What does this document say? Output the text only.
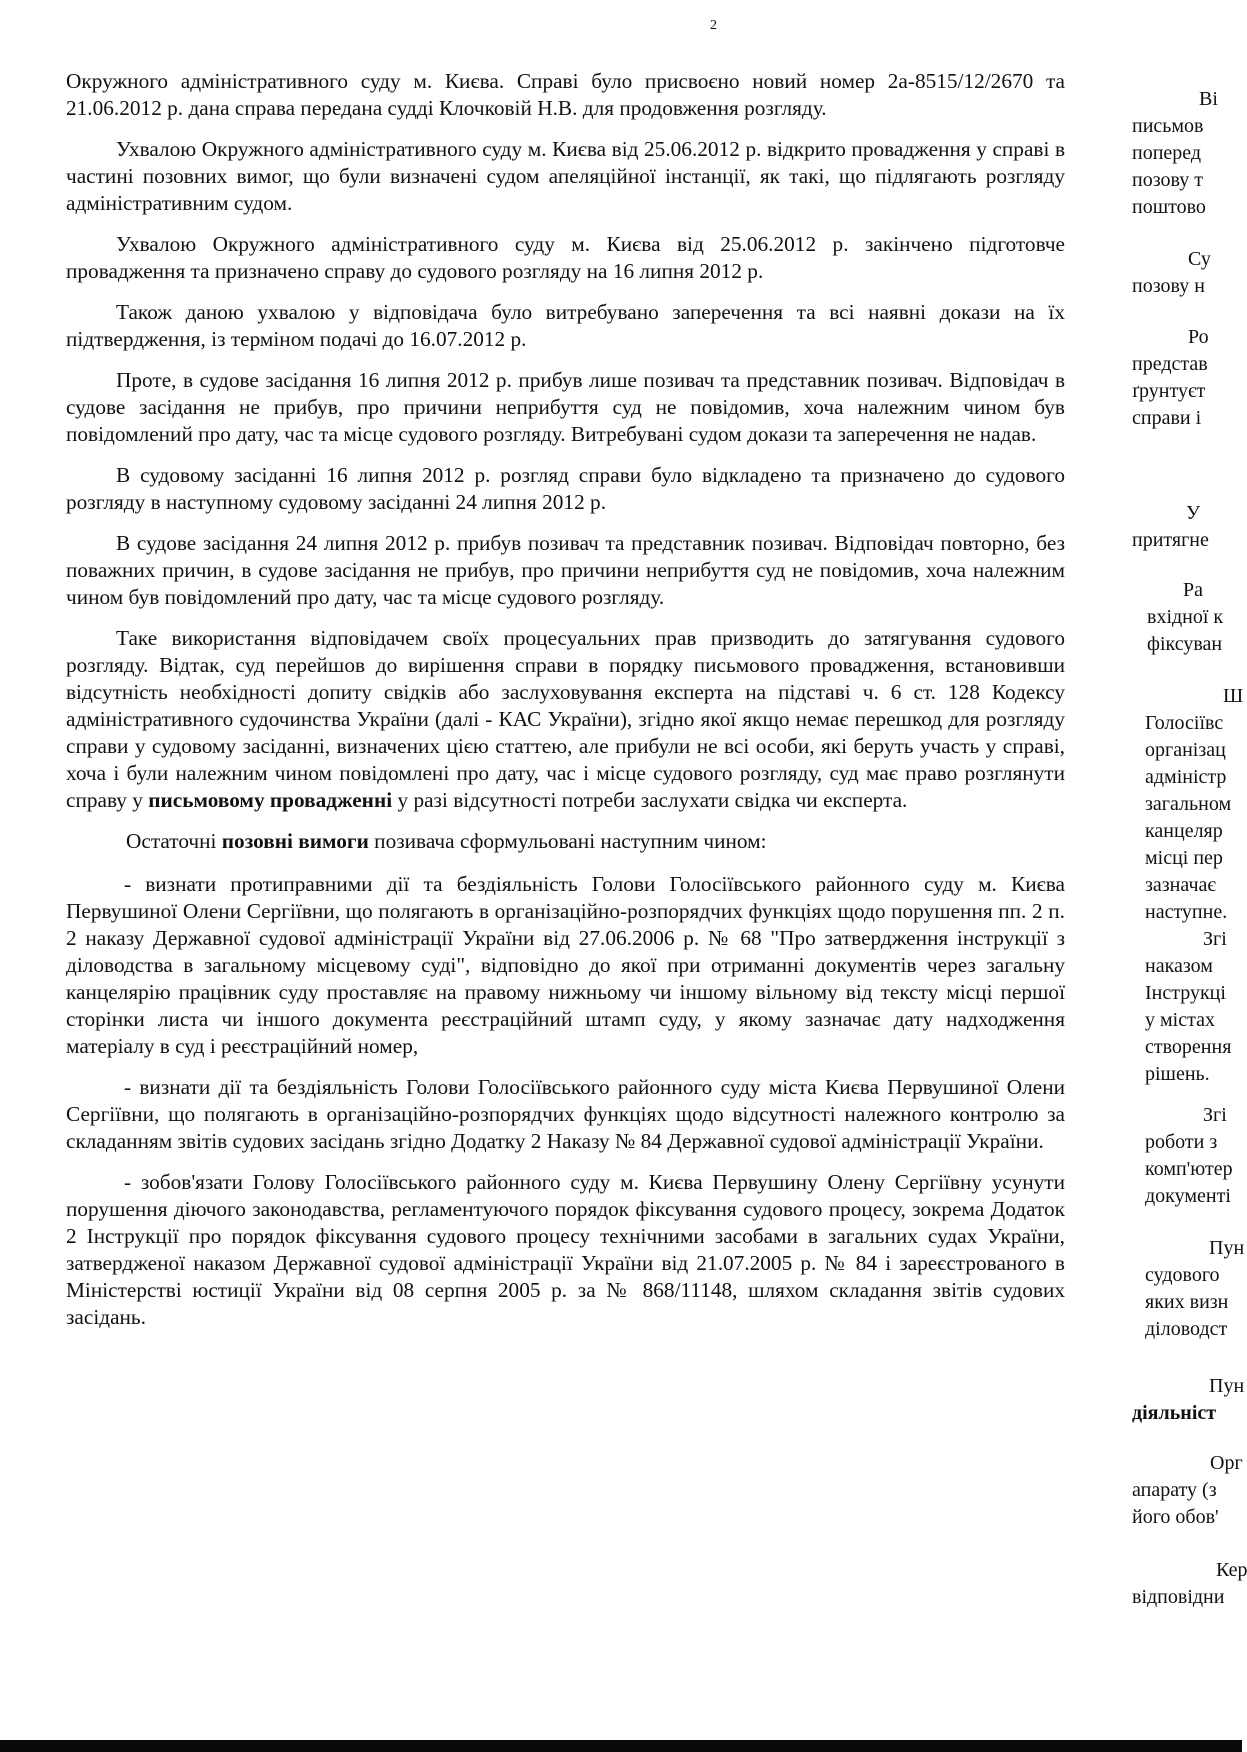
2

Окружного адміністративного суду м. Києва. Справі було присвоєно новий номер 2а-8515/12/2670 та 21.06.2012 р. дана справа передана судді Клочковій Н.В. для продовження розгляду.

Ухвалою Окружного адміністративного суду м. Києва від 25.06.2012 р. відкрито провадження у справі в частині позовних вимог, що були визначені судом апеляційної інстанції, як такі, що підлягають розгляду адміністративним судом.

Ухвалою Окружного адміністративного суду м. Києва від 25.06.2012 р. закінчено підготовче провадження та призначено справу до судового розгляду на 16 липня 2012 р.

Також даною ухвалою у відповідача було витребувано заперечення та всі наявні докази на їх підтвердження, із терміном подачі до 16.07.2012 р.

Проте, в судове засідання 16 липня 2012 р. прибув лише позивач та представник позивач. Відповідач в судове засідання не прибув, про причини неприбуття суд не повідомив, хоча належним чином був повідомлений про дату, час та місце судового розгляду. Витребувані судом докази та заперечення не надав.

В судовому засіданні 16 липня 2012 р. розгляд справи було відкладено та призначено до судового розгляду в наступному судовому засіданні 24 липня 2012 р.

В судове засідання 24 липня 2012 р. прибув позивач та представник позивач. Відповідач повторно, без поважних причин, в судове засідання не прибув, про причини неприбуття суд не повідомив, хоча належним чином був повідомлений про дату, час та місце судового розгляду.

Таке використання відповідачем своїх процесуальних прав призводить до затягування судового розгляду. Відтак, суд перейшов до вирішення справи в порядку письмового провадження, встановивши відсутність необхідності допиту свідків або заслуховування експерта на підставі ч. 6 ст. 128 Кодексу адміністративного судочинства України (далі - КАС України), згідно якої якщо немає перешкод для розгляду справи у судовому засіданні, визначених цією статтею, але прибули не всі особи, які беруть участь у справі, хоча і були належним чином повідомлені про дату, час і місце судового розгляду, суд має право розглянути справу у письмовому провадженні у разі відсутності потреби заслухати свідка чи експерта.

Остаточні позовні вимоги позивача сформульовані наступним чином:

- визнати протиправними дії та бездіяльність Голови Голосіївського районного суду м. Києва Первушиної Олени Сергіївни, що полягають в організаційно-розпорядчих функціях щодо порушення пп. 2 п. 2 наказу Державної судової адміністрації України від 27.06.2006 р. № 68 "Про затвердження інструкції з діловодства в загальному місцевому суді", відповідно до якої при отриманні документів через загальну канцелярію працівник суду проставляє на правому нижньому чи іншому вільному від тексту місці першої сторінки листа чи іншого документа реєстраційний штамп суду, у якому зазначає дату надходження матеріалу в суд і реєстраційний номер,

- визнати дії та бездіяльність Голови Голосіївського районного суду міста Києва Первушиної Олени Сергіївни, що полягають в організаційно-розпорядчих функціях щодо відсутності належного контролю за складанням звітів судових засідань згідно Додатку 2 Наказу № 84 Державної судової адміністрації України.

- зобов'язати Голову Голосіївського районного суду м. Києва Первушину Олену Сергіївну усунути порушення діючого законодавства, регламентуючого порядок фіксування судового процесу, зокрема Додаток 2 Інструкції про порядок фіксування судового процесу технічними засобами в загальних судах України, затвердженої наказом Державної судової адміністрації України від 21.07.2005 р. № 84 і зареєстрованого в Міністерстві юстиції України від 08 серпня 2005 р. за № 868/11148, шляхом складання звітів судових засідань.

Ві
письмов
поперед
позову т
поштово
Су
позову н
Ро
представ
ґрунтуєт
справи і
У
притягне
Ра
вхідної к
фіксуван
Ш
Голосіївс
організац
адміністр
загальном
канцеляр
місці пер
зазначає
наступне.
Згі
наказом
Інструкці
у містах
створення
рішень.
Згі
роботи з
комп'ютер
документі
Пун
судового
яких визн
діловодст
Пун
діяльніст
Орг
апарату (з
його обов'
Кер
відповідни
